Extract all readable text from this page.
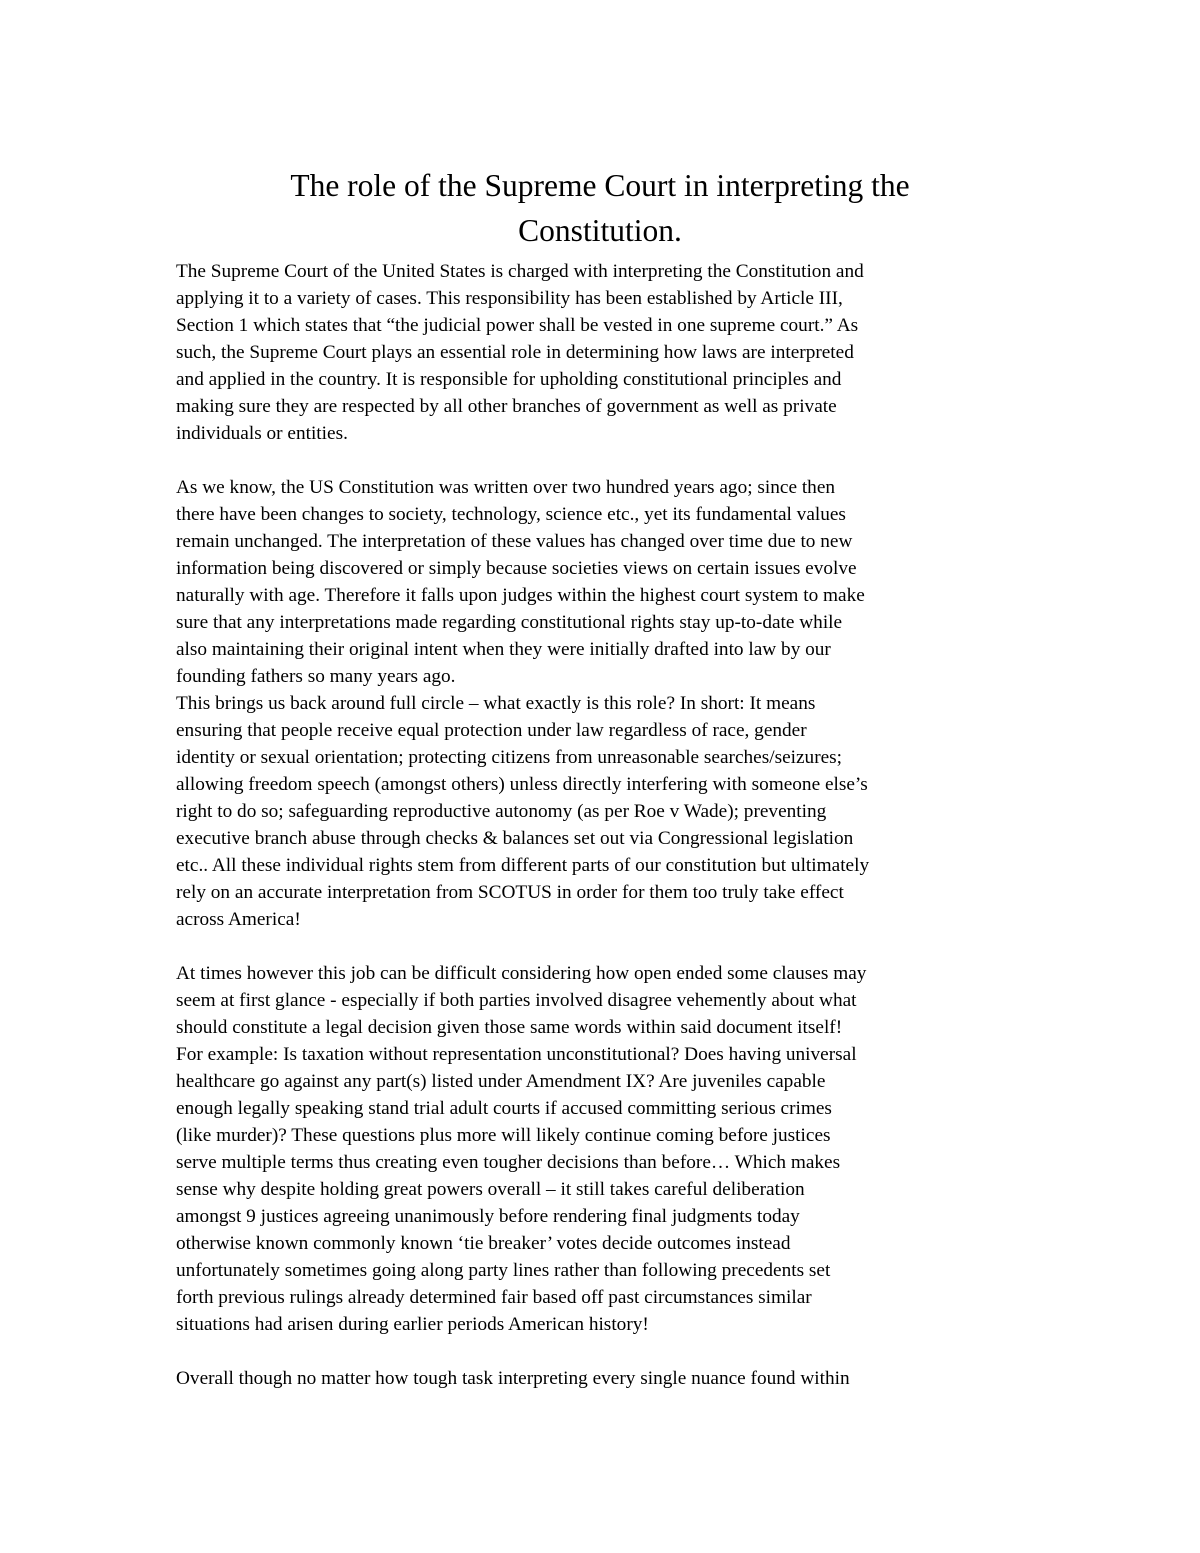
The role of the Supreme Court in interpreting the
Constitution.

The Supreme Court of the United States is charged with interpreting the Constitution and
applying it to a variety of cases. This responsibility has been established by Article III,
Section 1 which states that “the judicial power shall be vested in one supreme court.” As
such, the Supreme Court plays an essential role in determining how laws are interpreted
and applied in the country. It is responsible for upholding constitutional principles and
making sure they are respected by all other branches of government as well as private
individuals or entities.

As we know, the US Constitution was written over two hundred years ago; since then
there have been changes to society, technology, science etc., yet its fundamental values
remain unchanged. The interpretation of these values has changed over time due to new
information being discovered or simply because societies views on certain issues evolve
naturally with age. Therefore it falls upon judges within the highest court system to make
sure that any interpretations made regarding constitutional rights stay up-to-date while
also maintaining their original intent when they were initially drafted into law by our
founding fathers so many years ago.

This brings us back around full circle – what exactly is this role? In short: It means
ensuring that people receive equal protection under law regardless of race, gender
identity or sexual orientation; protecting citizens from unreasonable searches/seizures;
allowing freedom speech (amongst others) unless directly interfering with someone else’s
right to do so; safeguarding reproductive autonomy (as per Roe v Wade); preventing
executive branch abuse through checks & balances set out via Congressional legislation
etc.. All these individual rights stem from different parts of our constitution but ultimately
rely on an accurate interpretation from SCOTUS in order for them too truly take effect
across America!

At times however this job can be difficult considering how open ended some clauses may
seem at first glance - especially if both parties involved disagree vehemently about what
should constitute a legal decision given those same words within said document itself!
For example: Is taxation without representation unconstitutional? Does having universal
healthcare go against any part(s) listed under Amendment IX? Are juveniles capable
enough legally speaking stand trial adult courts if accused committing serious crimes
(like murder)? These questions plus more will likely continue coming before justices
serve multiple terms thus creating even tougher decisions than before… Which makes
sense why despite holding great powers overall – it still takes careful deliberation
amongst 9 justices agreeing unanimously before rendering final judgments today
otherwise known commonly known ‘tie breaker’ votes decide outcomes instead
unfortunately sometimes going along party lines rather than following precedents set
forth previous rulings already determined fair based off past circumstances similar
situations had arisen during earlier periods American history!

Overall though no matter how tough task interpreting every single nuance found within
